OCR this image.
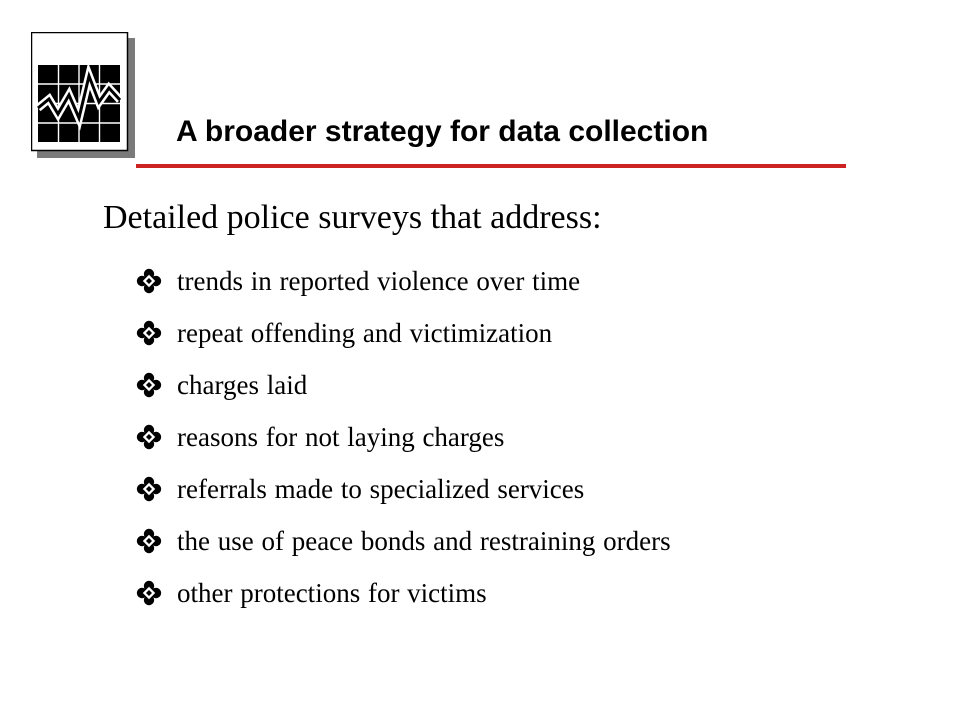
A broader strategy for data collection

Detailed police surveys that address:

trends in reported violence over time
repeat offending and victimization
charges laid
reasons for not laying charges
referrals made to specialized services
the use of peace bonds and restraining orders
other protections for victims
